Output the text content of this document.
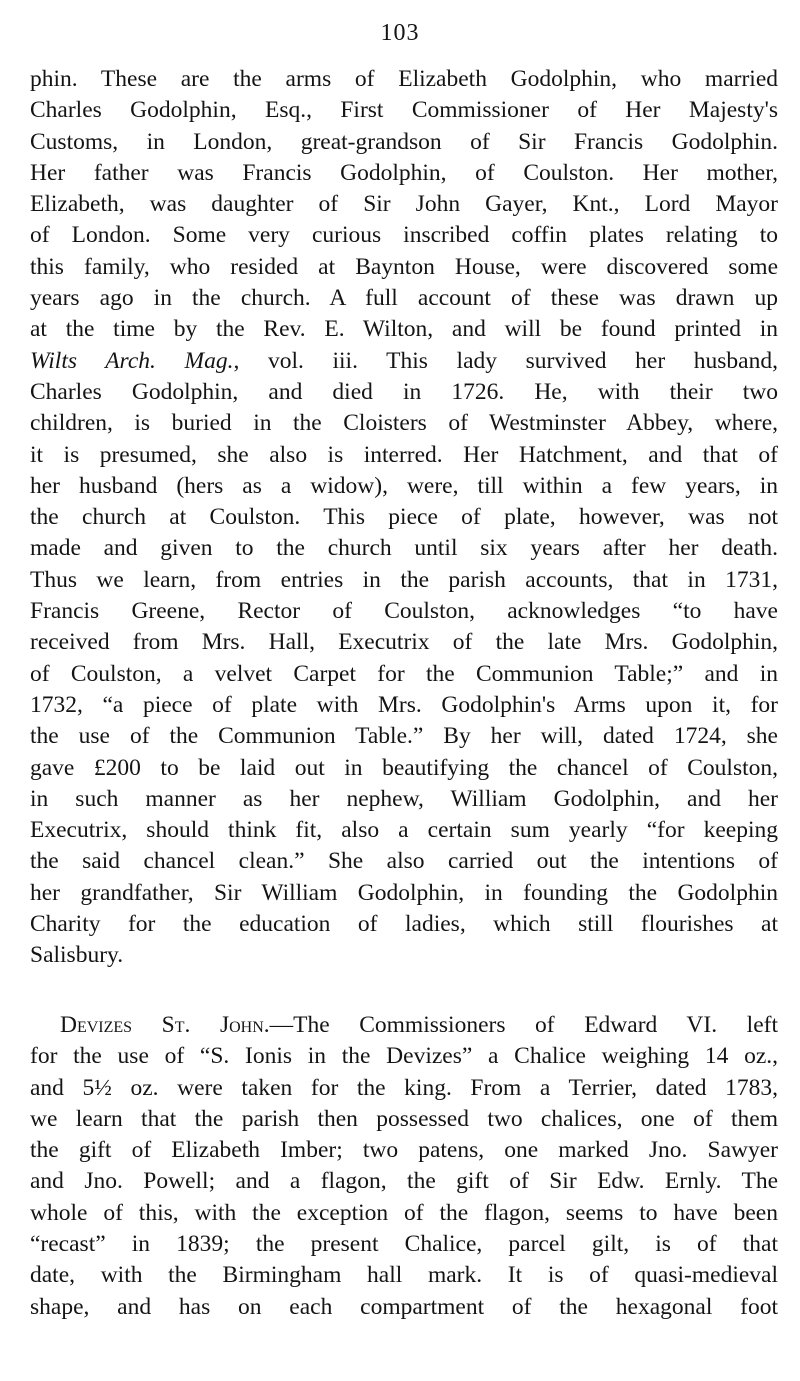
103
phin. These are the arms of Elizabeth Godolphin, who married
Charles Godolphin, Esq., First Commissioner of Her Majesty's
Customs, in London, great-grandson of Sir Francis Godolphin.
Her father was Francis Godolphin, of Coulston. Her mother,
Elizabeth, was daughter of Sir John Gayer, Knt., Lord Mayor
of London. Some very curious inscribed coffin plates relating to
this family, who resided at Baynton House, were discovered some
years ago in the church. A full account of these was drawn up
at the time by the Rev. E. Wilton, and will be found printed in
Wilts Arch. Mag., vol. iii. This lady survived her husband,
Charles Godolphin, and died in 1726. He, with their two
children, is buried in the Cloisters of Westminster Abbey, where,
it is presumed, she also is interred. Her Hatchment, and that of
her husband (hers as a widow), were, till within a few years, in
the church at Coulston. This piece of plate, however, was not
made and given to the church until six years after her death.
Thus we learn, from entries in the parish accounts, that in 1731,
Francis Greene, Rector of Coulston, acknowledges “to have
received from Mrs. Hall, Executrix of the late Mrs. Godolphin,
of Coulston, a velvet Carpet for the Communion Table;” and in
1732, “a piece of plate with Mrs. Godolphin's Arms upon it, for
the use of the Communion Table.” By her will, dated 1724, she
gave £200 to be laid out in beautifying the chancel of Coulston,
in such manner as her nephew, William Godolphin, and her
Executrix, should think fit, also a certain sum yearly “for keeping
the said chancel clean.” She also carried out the intentions of
her grandfather, Sir William Godolphin, in founding the Godolphin
Charity for the education of ladies, which still flourishes at
Salisbury.
Devizes St. John.—The Commissioners of Edward VI. left
for the use of “S. Ionis in the Devizes” a Chalice weighing 14 oz.,
and 5½ oz. were taken for the king. From a Terrier, dated 1783,
we learn that the parish then possessed two chalices, one of them
the gift of Elizabeth Imber; two patens, one marked Jno. Sawyer
and Jno. Powell; and a flagon, the gift of Sir Edw. Ernly. The
whole of this, with the exception of the flagon, seems to have been
“recast” in 1839; the present Chalice, parcel gilt, is of that
date, with the Birmingham hall mark. It is of quasi-medieval
shape, and has on each compartment of the hexagonal foot
